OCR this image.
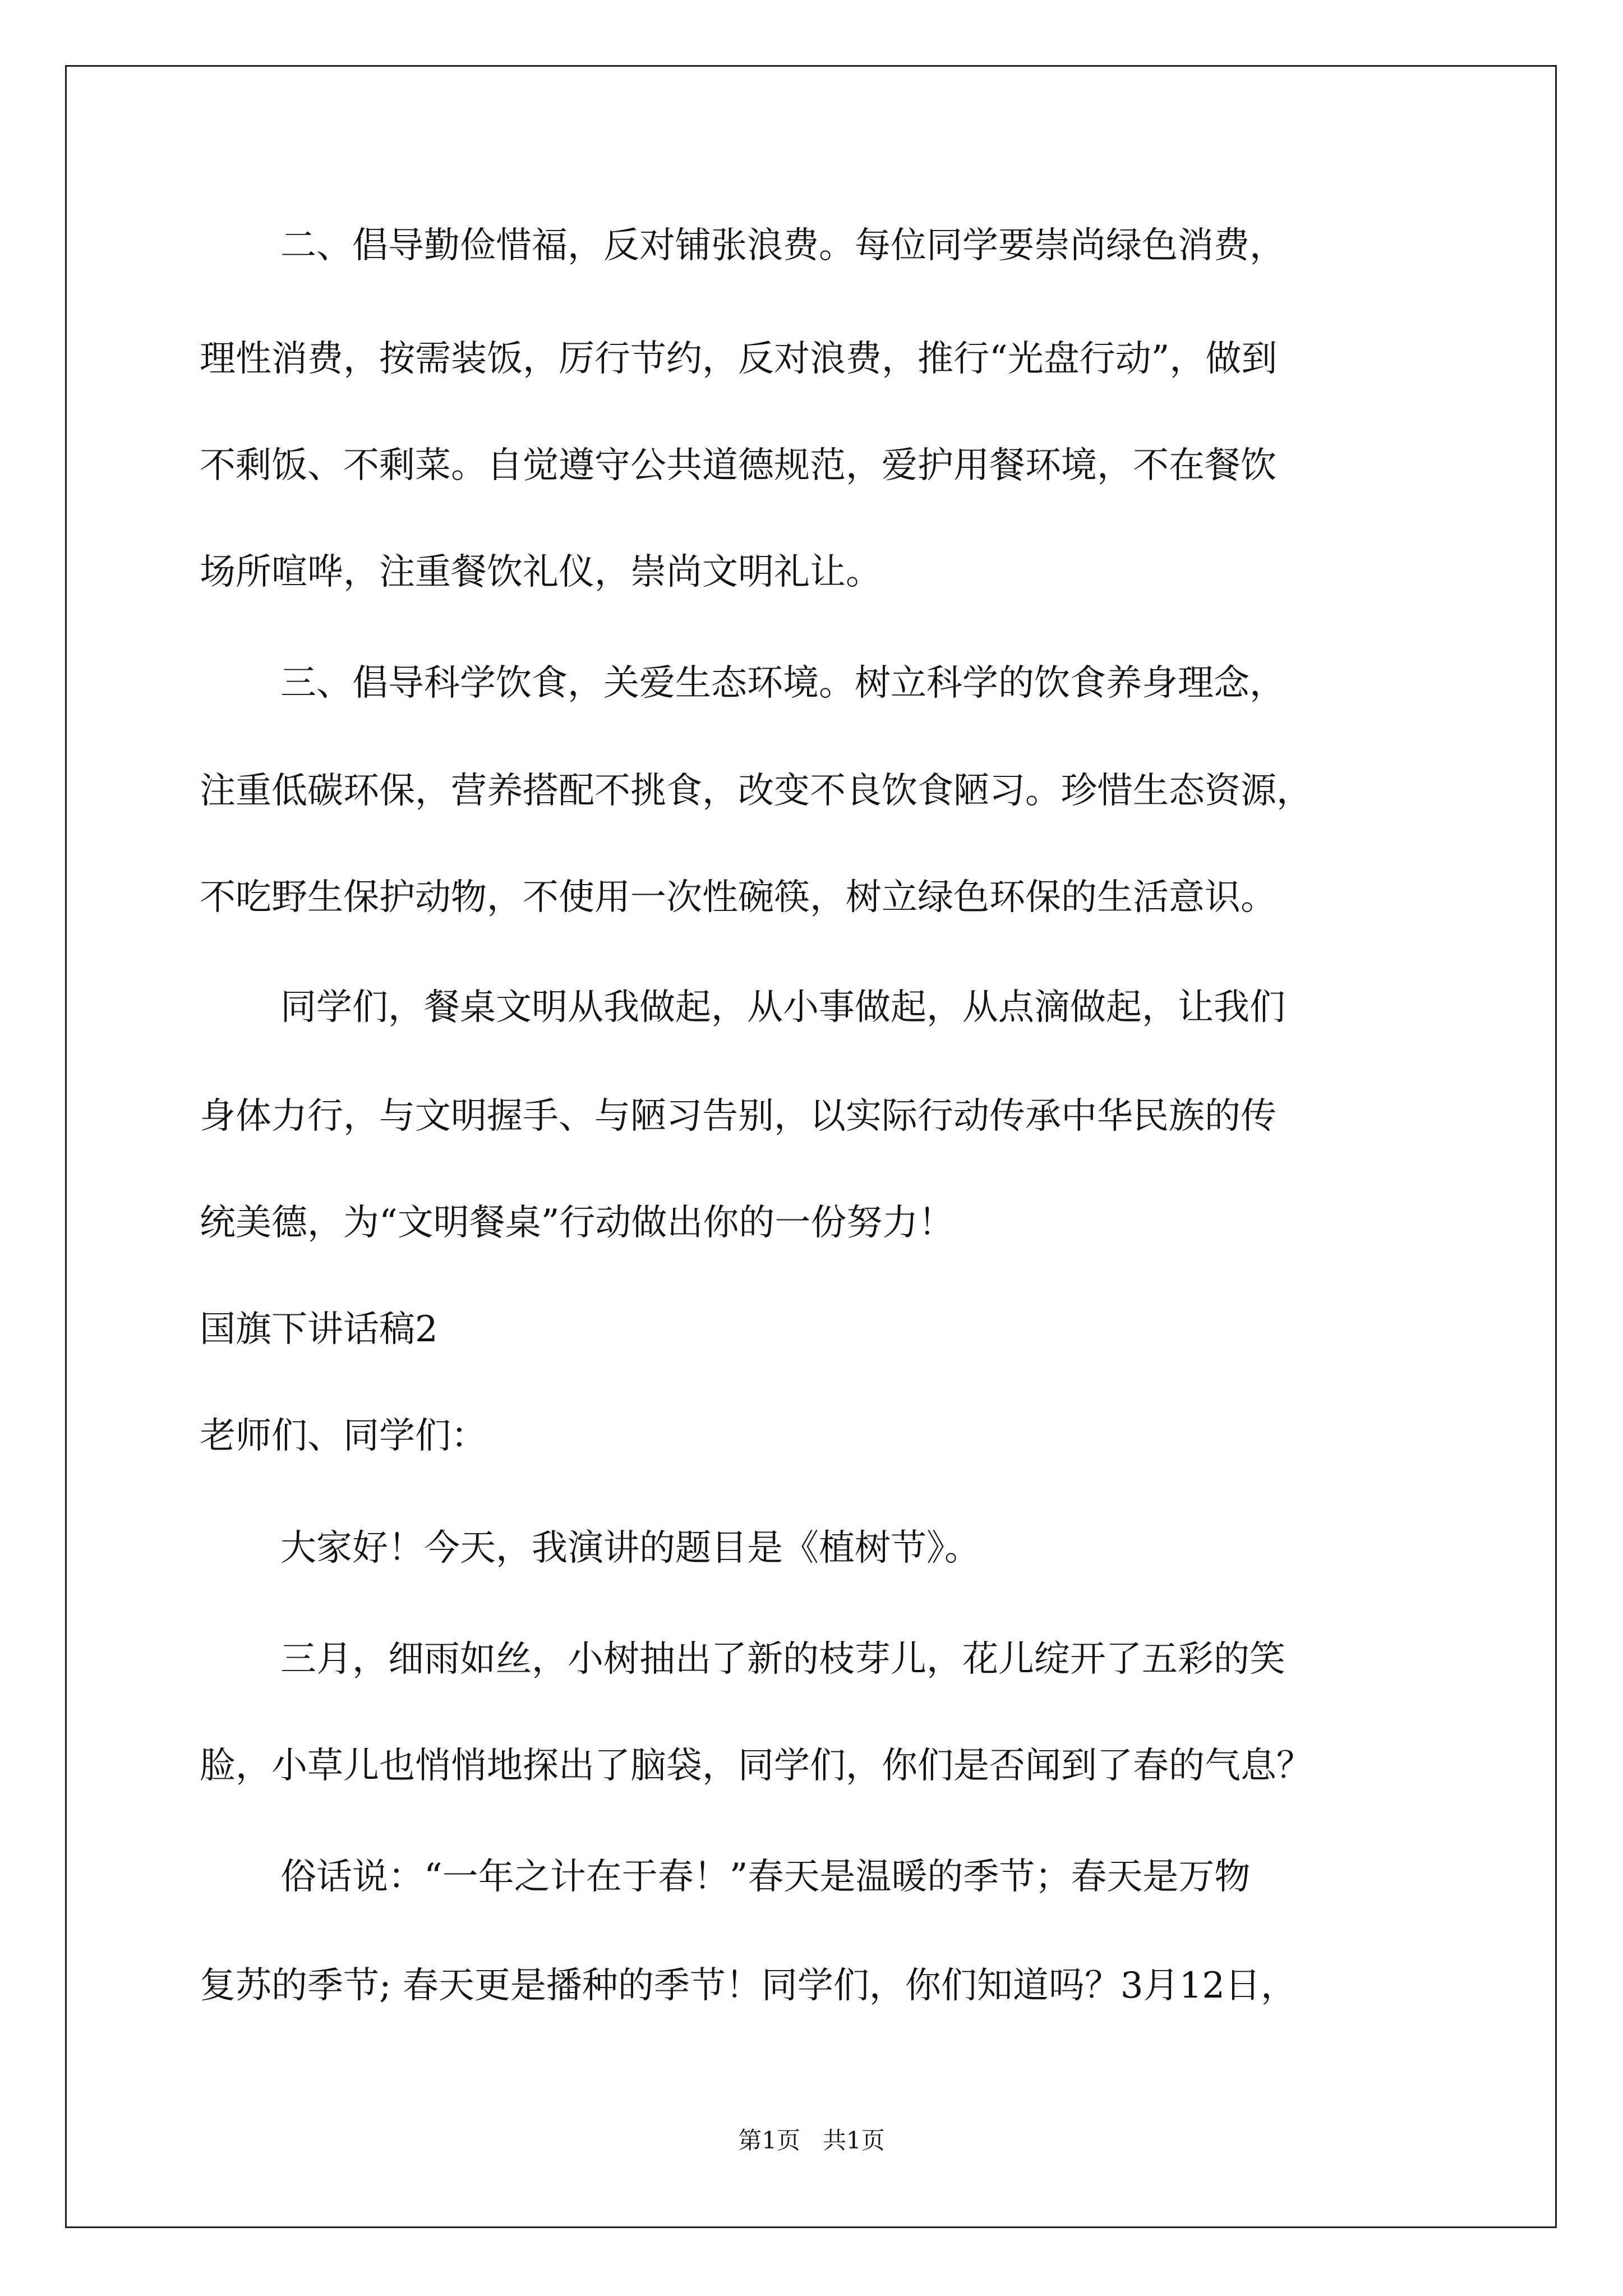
二、倡导勤俭惜福，反对铺张浪费。每位同学要崇尚绿色消费，

理性消费，按需装饭，厉行节约，反对浪费，推行“光盘行动”，做到

不剩饭、不剩菜。自觉遵守公共道德规范，爱护用餐环境，不在餐饮

场所喧哗，注重餐饮礼仪，崇尚文明礼让。

三、倡导科学饮食，关爱生态环境。树立科学的饮食养身理念，

注重低碳环保，营养搭配不挑食，改变不良饮食陋习。珍惜生态资源，

不吃野生保护动物，不使用一次性碗筷，树立绿色环保的生活意识。

同学们，餐桌文明从我做起，从小事做起，从点滴做起，让我们

身体力行，与文明握手、与陋习告别，以实际行动传承中华民族的传

统美德，为“文明餐桌”行动做出你的一份努力！

国旗下讲话稿2

老师们、同学们：

大家好！今天，我演讲的题目是《植树节》。

三月，细雨如丝，小树抽出了新的枝芽儿，花儿绽开了五彩的笑

脸，小草儿也悄悄地探出了脑袋，同学们，你们是否闻到了春的气息？

俗话说：“一年之计在于春！”春天是温暖的季节；春天是万物

复苏的季节; 春天更是播种的季节！同学们，你们知道吗？3月12日，

第1页   共1页
